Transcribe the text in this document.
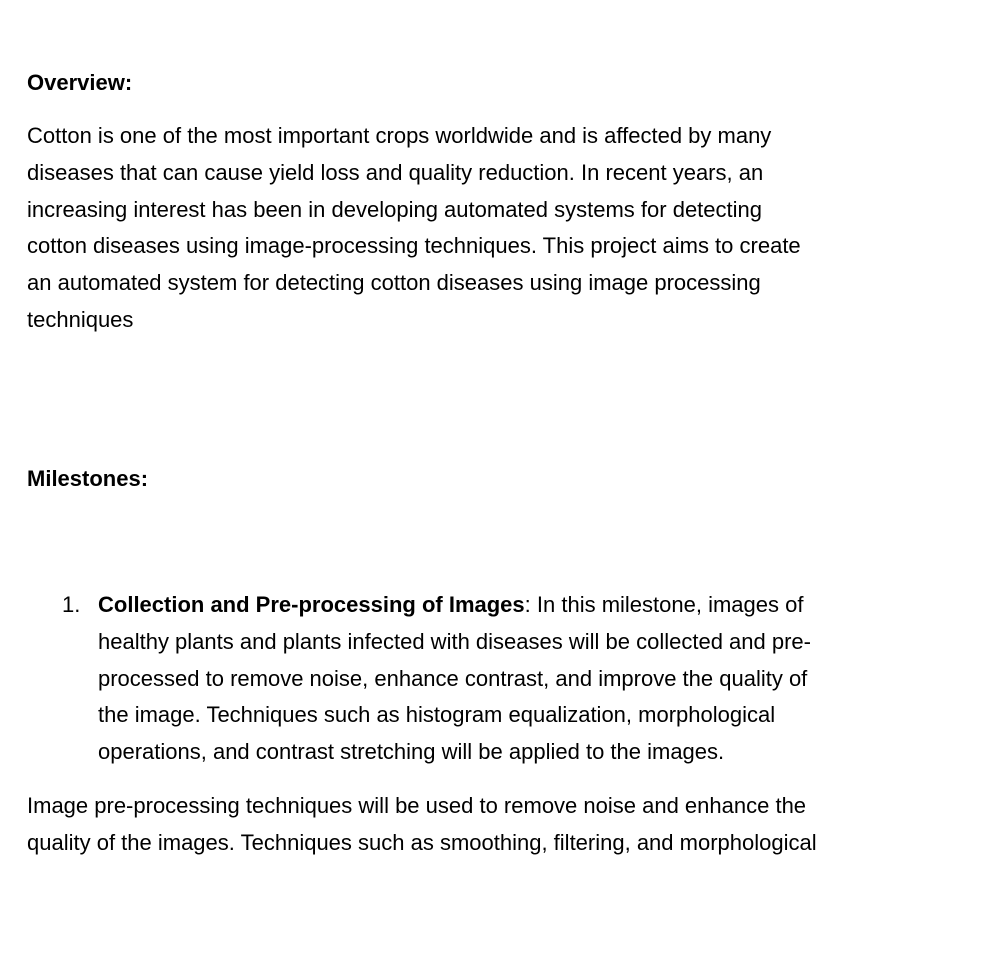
Overview:

Cotton is one of the most important crops worldwide and is affected by many
diseases that can cause yield loss and quality reduction. In recent years, an
increasing interest has been in developing automated systems for detecting
cotton diseases using image-processing techniques. This project aims to create
an automated system for detecting cotton diseases using image processing
techniques

Milestones:
1. Collection and Pre-processing of Images: In this milestone, images of
healthy plants and plants infected with diseases will be collected and pre-
processed to remove noise, enhance contrast, and improve the quality of
the image. Techniques such as histogram equalization, morphological
operations, and contrast stretching will be applied to the images.

Image pre-processing techniques will be used to remove noise and enhance the
quality of the images. Techniques such as smoothing, filtering, and morphological
